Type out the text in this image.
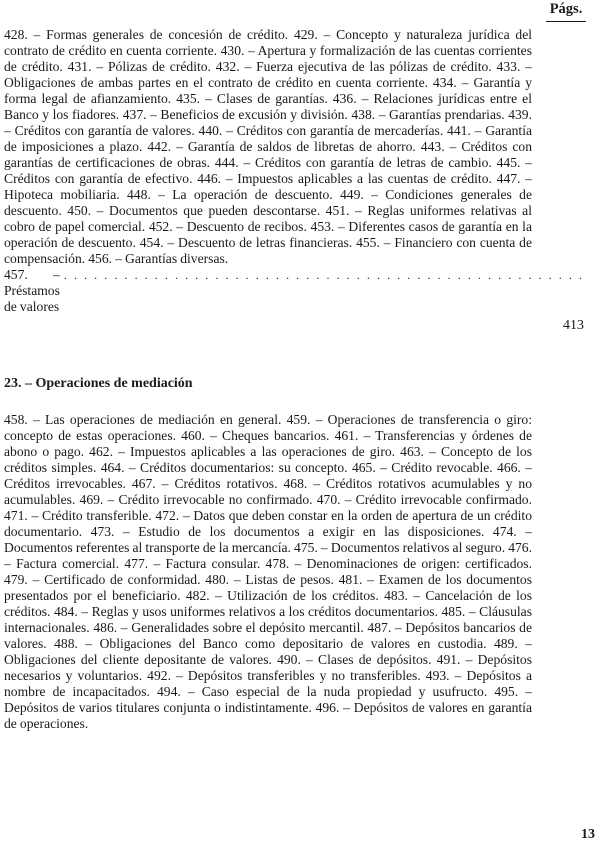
Págs.
428. – Formas generales de concesión de crédito. 429. – Concepto y naturaleza jurídica del contrato de crédito en cuenta corriente. 430. – Apertura y formalización de las cuentas corrientes de crédito. 431. – Pólizas de crédito. 432. – Fuerza ejecutiva de las pólizas de crédito. 433. – Obligaciones de ambas partes en el contrato de crédito en cuenta corriente. 434. – Garantía y forma legal de afianzamiento. 435. – Clases de garantías. 436. – Relaciones jurídicas entre el Banco y los fiadores. 437. – Beneficios de excusión y división. 438. – Garantías prendarias. 439. – Créditos con garantía de valores. 440. – Créditos con garantía de mercaderías. 441. – Garantía de imposiciones a plazo. 442. – Garantía de saldos de libretas de ahorro. 443. – Créditos con garantías de certificaciones de obras. 444. – Créditos con garantía de letras de cambio. 445. – Créditos con garantía de efectivo. 446. – Impuestos aplicables a las cuentas de crédito. 447. – Hipoteca mobiliaria. 448. – La operación de descuento. 449. – Condiciones generales de descuento. 450. – Documentos que pueden descontarse. 451. – Reglas uniformes relativas al cobro de papel comercial. 452. – Descuento de recibos. 453. – Diferentes casos de garantía en la operación de descuento. 454. – Descuento de letras financieras. 455. – Financiero con cuenta de compensación. 456. – Garantías diversas.
457. – Préstamos de valores
. . . . . . . . . . . . . . . . . . . . . . . . . . . . . . . . . . . . . . . . . . . . . . . . . . . .
413
23. – Operaciones de mediación
458. – Las operaciones de mediación en general. 459. – Operaciones de transferencia o giro: concepto de estas operaciones. 460. – Cheques bancarios. 461. – Transferencias y órdenes de abono o pago. 462. – Impuestos aplicables a las operaciones de giro. 463. – Concepto de los créditos simples. 464. – Créditos documentarios: su concepto. 465. – Crédito revocable. 466. – Créditos irrevocables. 467. – Créditos rotativos. 468. – Créditos rotativos acumulables y no acumulables. 469. – Crédito irrevocable no confirmado. 470. – Crédito irrevocable confirmado. 471. – Crédito transferible. 472. – Datos que deben constar en la orden de apertura de un crédito documentario. 473. – Estudio de los documentos a exigir en las disposiciones. 474. – Documentos referentes al transporte de la mercancía. 475. – Documentos relativos al seguro. 476. – Factura comercial. 477. – Factura consular. 478. – Denominaciones de origen: certificados. 479. – Certificado de conformidad. 480. – Listas de pesos. 481. – Examen de los documentos presentados por el beneficiario. 482. – Utilización de los créditos. 483. – Cancelación de los créditos. 484. – Reglas y usos uniformes relativos a los créditos documentarios. 485. – Cláusulas internacionales. 486. – Generalidades sobre el depósito mercantil. 487. – Depósitos bancarios de valores. 488. – Obligaciones del Banco como depositario de valores en custodia. 489. – Obligaciones del cliente depositante de valores. 490. – Clases de depósitos. 491. – Depósitos necesarios y voluntarios. 492. – Depósitos transferibles y no transferibles. 493. – Depósitos a nombre de incapacitados. 494. – Caso especial de la nuda propiedad y usufructo. 495. – Depósitos de varios titulares conjunta o indistintamente. 496. – Depósitos de valores en garantía de operaciones.
13
